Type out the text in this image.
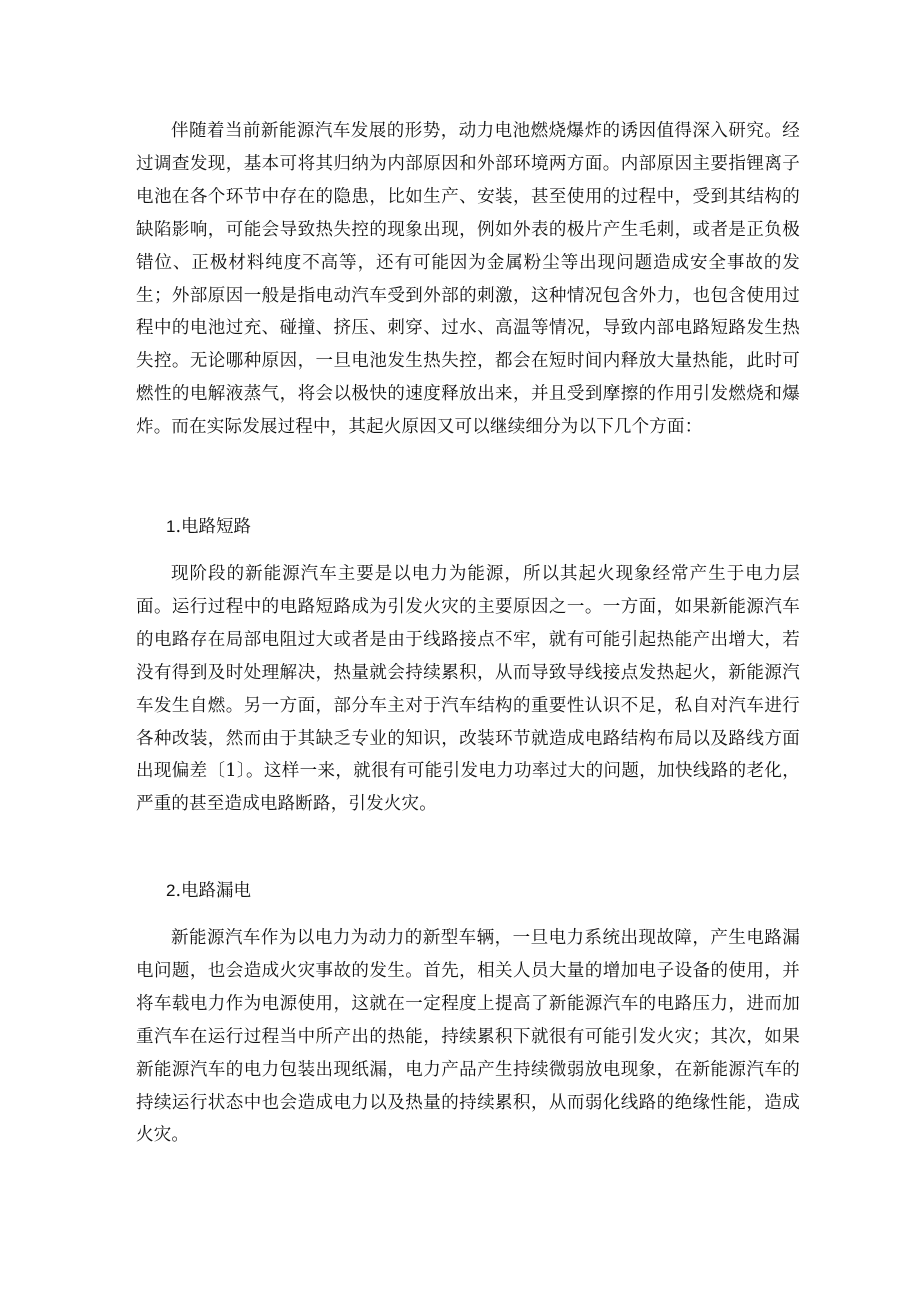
伴随着当前新能源汽车发展的形势，动力电池燃烧爆炸的诱因值得深入研究。经过调查发现，基本可将其归纳为内部原因和外部环境两方面。内部原因主要指锂离子电池在各个环节中存在的隐患，比如生产、安装，甚至使用的过程中，受到其结构的缺陷影响，可能会导致热失控的现象出现，例如外表的极片产生毛刺，或者是正负极错位、正极材料纯度不高等，还有可能因为金属粉尘等出现问题造成安全事故的发生；外部原因一般是指电动汽车受到外部的刺激，这种情况包含外力，也包含使用过程中的电池过充、碰撞、挤压、刺穿、过水、高温等情况，导致内部电路短路发生热失控。无论哪种原因，一旦电池发生热失控，都会在短时间内释放大量热能，此时可燃性的电解液蒸气，将会以极快的速度释放出来，并且受到摩擦的作用引发燃烧和爆炸。而在实际发展过程中，其起火原因又可以继续细分为以下几个方面：

1.电路短路

现阶段的新能源汽车主要是以电力为能源，所以其起火现象经常产生于电力层面。运行过程中的电路短路成为引发火灾的主要原因之一。一方面，如果新能源汽车的电路存在局部电阻过大或者是由于线路接点不牢，就有可能引起热能产出增大，若没有得到及时处理解决，热量就会持续累积，从而导致导线接点发热起火，新能源汽车发生自燃。另一方面，部分车主对于汽车结构的重要性认识不足，私自对汽车进行各种改装，然而由于其缺乏专业的知识，改装环节就造成电路结构布局以及路线方面出现偏差〔1〕。这样一来，就很有可能引发电力功率过大的问题，加快线路的老化，严重的甚至造成电路断路，引发火灾。

2.电路漏电

新能源汽车作为以电力为动力的新型车辆，一旦电力系统出现故障，产生电路漏电问题，也会造成火灾事故的发生。首先，相关人员大量的增加电子设备的使用，并将车载电力作为电源使用，这就在一定程度上提高了新能源汽车的电路压力，进而加重汽车在运行过程当中所产出的热能，持续累积下就很有可能引发火灾；其次，如果新能源汽车的电力包装出现纸漏，电力产品产生持续微弱放电现象，在新能源汽车的持续运行状态中也会造成电力以及热量的持续累积，从而弱化线路的绝缘性能，造成火灾。
